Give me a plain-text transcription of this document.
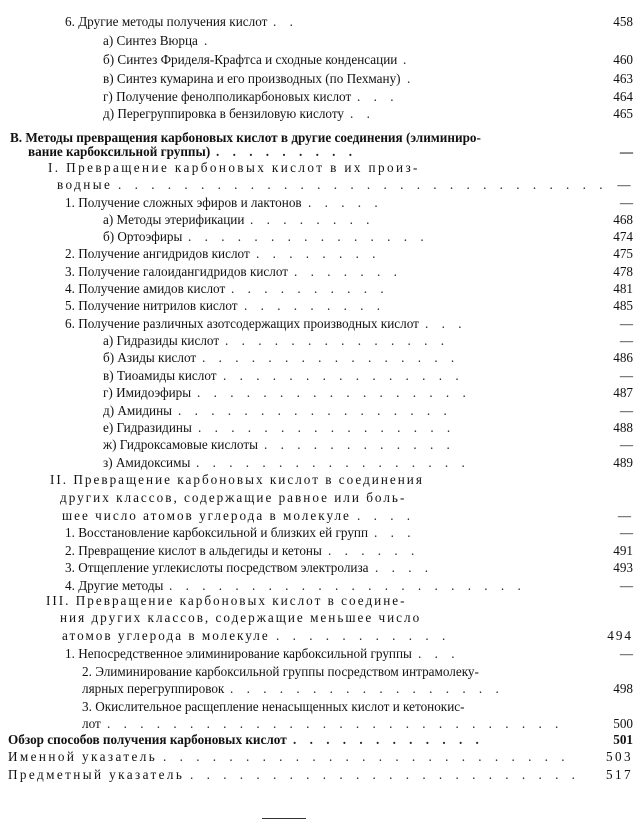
6. Другие методы получения кислот . .	458
а) Синтез Вюрца .
б) Синтез Фриделя-Крафтса и сходные конденсации .	460
в) Синтез кумарина и его производных (по Пехману) .	463
г) Получение фенолполикарбоновых кислот . . .	464
д) Перегруппировка в бензиловую кислоту . .	465
В. Методы превращения карбоновых кислот в другие соединения (элиминиро-
вание карбоксильной группы) . . . . . . . . .	—
I. Превращение карбоновых кислот в их произ-
водные . . . . . . . . . . . . . . . . . . . . . . . . . . . . . . —
1. Получение сложных эфиров и лактонов . . . . .	—
а) Методы этерификации . . . . . . . .	468
б) Ортоэфиры . . . . . . . . . . . . . . .	474
2. Получение ангидридов кислот . . . . . . . .	475
3. Получение галоидангидридов кислот . . . . . . .	478
4. Получение амидов кислот . . . . . . . . . .	481
5. Получение нитрилов кислот . . . . . . . . .	485
6. Получение различных азотсодержащих производных кислот . . .	—
а) Гидразиды кислот . . . . . . . . . . . . . .	—
б) Азиды кислот . . . . . . . . . . . . . . . .	486
в) Тиоамиды кислот . . . . . . . . . . . . . . .	—
г) Имидоэфиры . . . . . . . . . . . . . . . . .	487
д) Амидины . . . . . . . . . . . . . . . . .	—
е) Гидразидины . . . . . . . . . . . . . . . .	488
ж) Гидроксамовые кислоты . . . . . . . . . . . .	—
з) Амидоксимы . . . . . . . . . . . . . . . . .	489
II. Превращение карбоновых кислот в соединения
других классов, содержащие равное или боль-
шее число атомов углерода в молекуле . . . .	—
1. Восстановление карбоксильной и близких ей групп . . .	—
2. Превращение кислот в альдегиды и кетоны . . . . . .	491
3. Отщепление углекислоты посредством электролиза . . . .	493
4. Другие методы . . . . . . . . . . . . . . . . . . . . . .	—
III. Превращение карбоновых кислот в соедине-
ния других классов, содержащие меньшее число
атомов углерода в молекуле . . . . . . . . . . .	494
1. Непосредственное элиминирование карбоксильной группы . . .	—
2. Элиминирование карбоксильной группы посредством интрамолеку-
лярных перегруппировок . . . . . . . . . . . . . . . . .	498
3. Окислительное расщепление ненасыщенных кислот и кетонокис-
лот . . . . . . . . . . . . . . . . . . . . . . . . . . . .	500
Обзор способов получения карбоновых кислот . . . . . . . . . . . .	501
Именной указатель . . . . . . . . . . . . . . . . . . . . . . . . .	503
Предметный указатель . . . . . . . . . . . . . . . . . . . . . . . . 517
